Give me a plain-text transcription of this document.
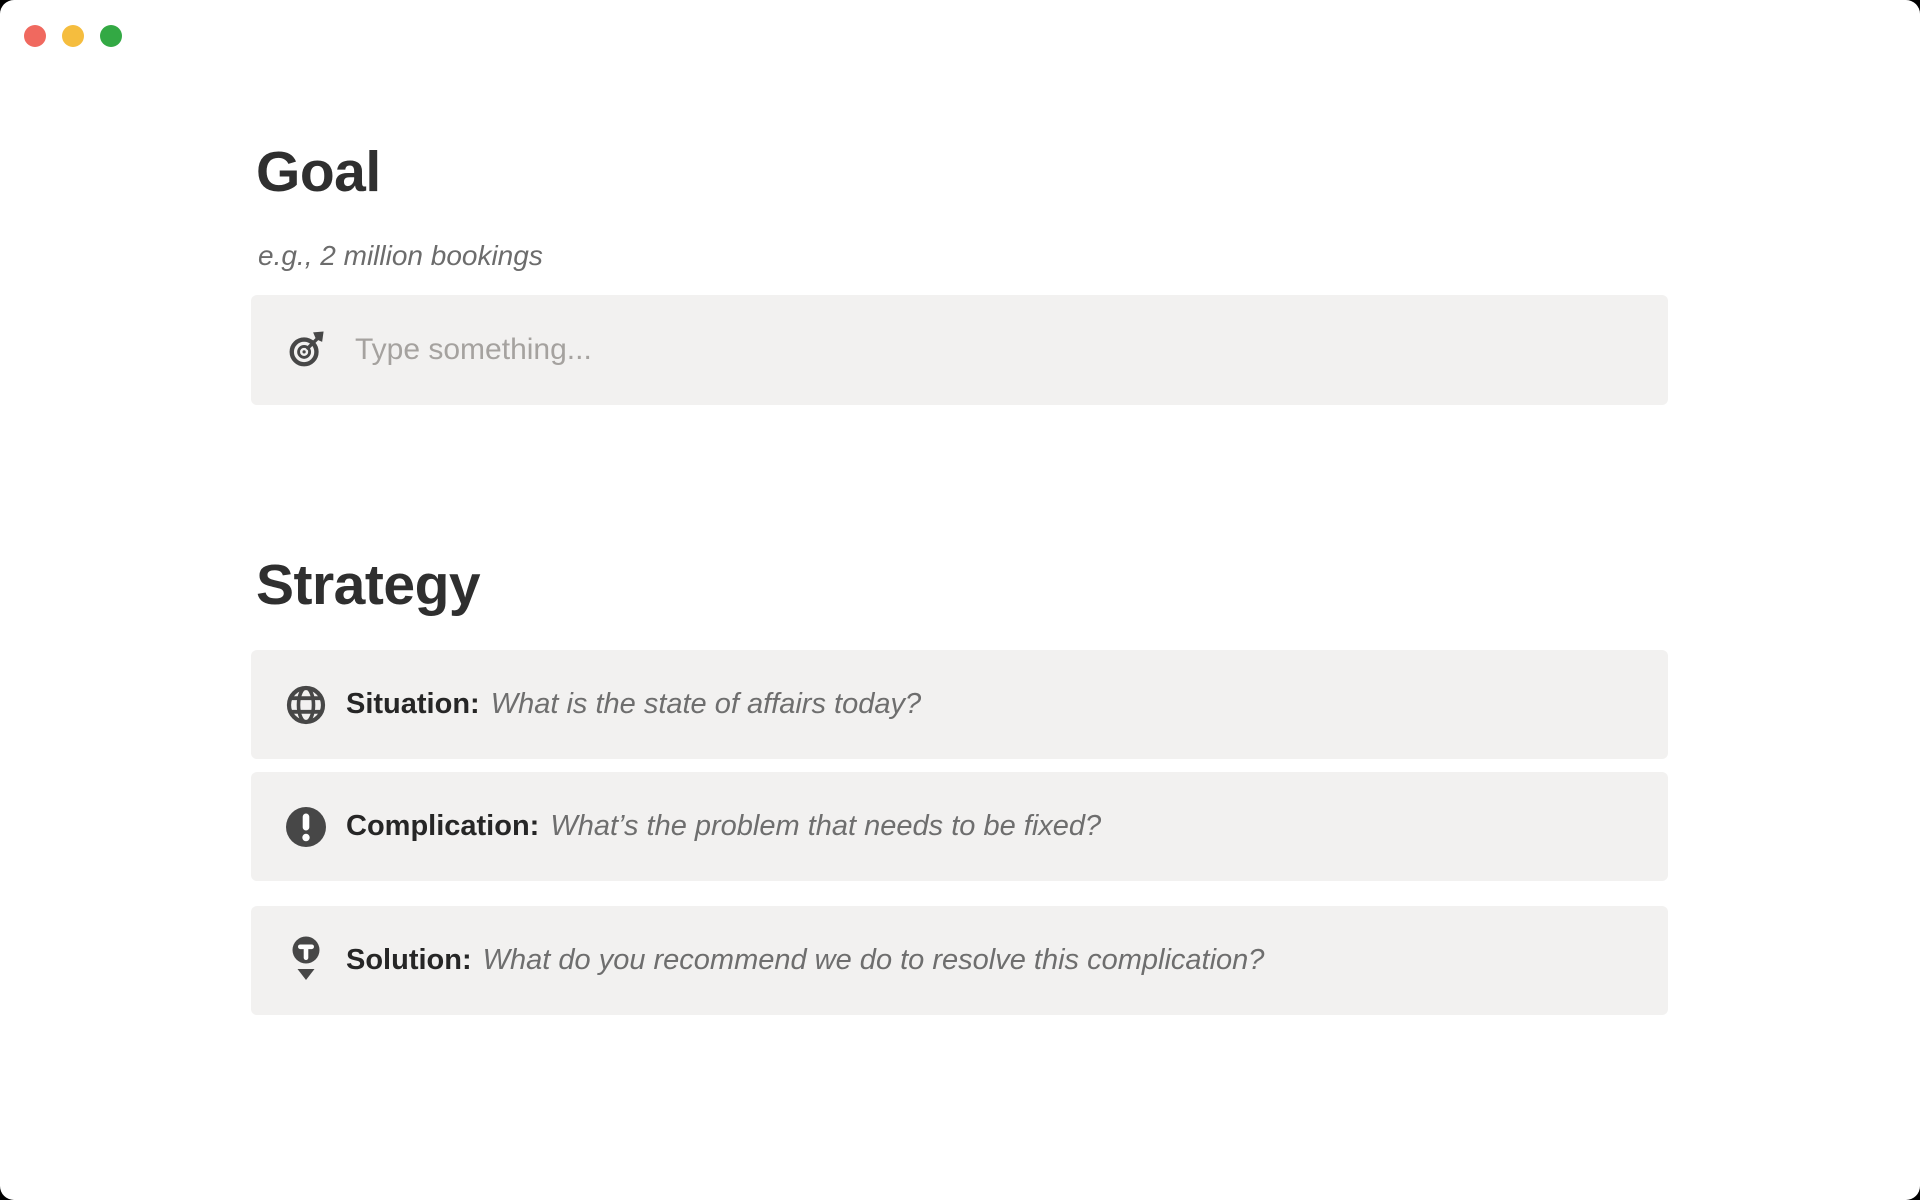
Goal

e.g., 2 million bookings

Type something...
Strategy
Situation: What is the state of affairs today?
Complication: What’s the problem that needs to be fixed?
Solution: What do you recommend we do to resolve this complication?
